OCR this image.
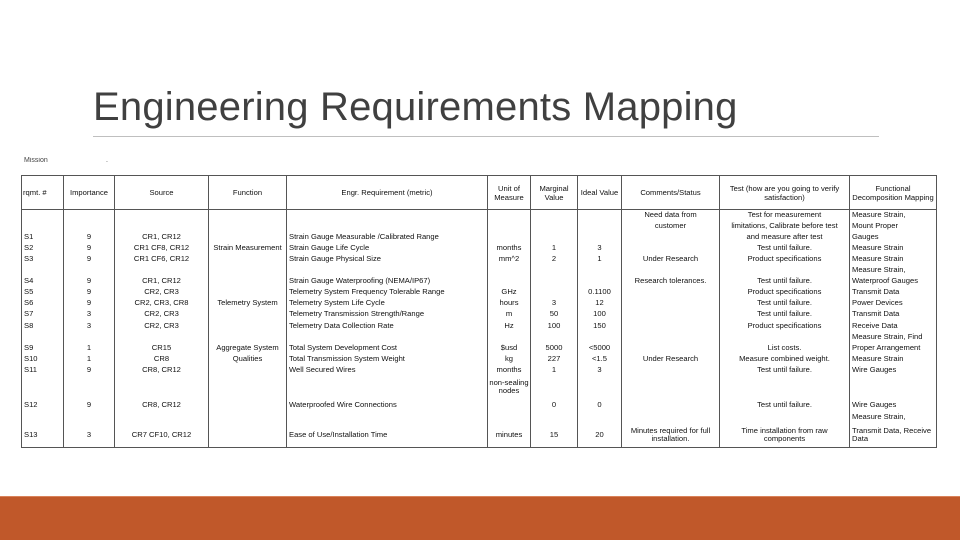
Engineering Requirements Mapping
Mission	.
rqmt. #	Importance	Source	Function	Engr. Requirement (metric)	Unit of Measure	Marginal Value	Ideal Value	Comments/Status	Test (how are you going to verify satisfaction)	Functional Decomposition Mapping
								Need data from	Test for measurement	Measure Strain,
								customer	limitations, Calibrate before test	Mount Proper
S1	9	CR1, CR12		Strain Gauge Measurable /Calibrated Range					and measure after test	Gauges
S2	9	CR1 CF8, CR12	Strain Measurement	Strain Gauge Life Cycle	months	1	3		Test until failure.	Measure Strain
S3	9	CR1 CF6, CR12		Strain Gauge Physical Size	mm^2	2	1	Under Research	Product specifications	Measure Strain
										Measure Strain,
S4	9	CR1, CR12		Strain Gauge Waterproofing (NEMA/IP67)				Research tolerances.	Test until failure.	Waterproof Gauges
S5	9	CR2, CR3		Telemetry System Frequency Tolerable Range	GHz		0.1100		Product specifications	Transmit Data
S6	9	CR2, CR3, CR8	Telemetry System	Telemetry System Life Cycle	hours	3	12		Test until failure.	Power Devices
S7	3	CR2, CR3		Telemetry Transmission Strength/Range	m	50	100		Test until failure.	Transmit Data
S8	3	CR2, CR3		Telemetry Data Collection Rate	Hz	100	150		Product specifications	Receive Data
										Measure Strain, Find
S9	1	CR15	Aggregate System	Total System Development Cost	$usd	5000	<5000		List costs.	Proper Arrangement
S10	1	CR8	Qualities	Total Transmission System Weight	kg	227	<1.5	Under Research	Measure combined weight.	Measure Strain
S11	9	CR8, CR12		Well Secured Wires	months	1	3		Test until failure.	Wire Gauges
					non-sealing nodes					
S12	9	CR8, CR12		Waterproofed Wire Connections		0	0		Test until failure.	Wire Gauges
										Measure Strain,
S13	3	CR7 CF10, CR12		Ease of Use/Installation Time	minutes	15	20	Minutes required for full installation.	Time installation from raw components	Transmit Data, Receive Data
